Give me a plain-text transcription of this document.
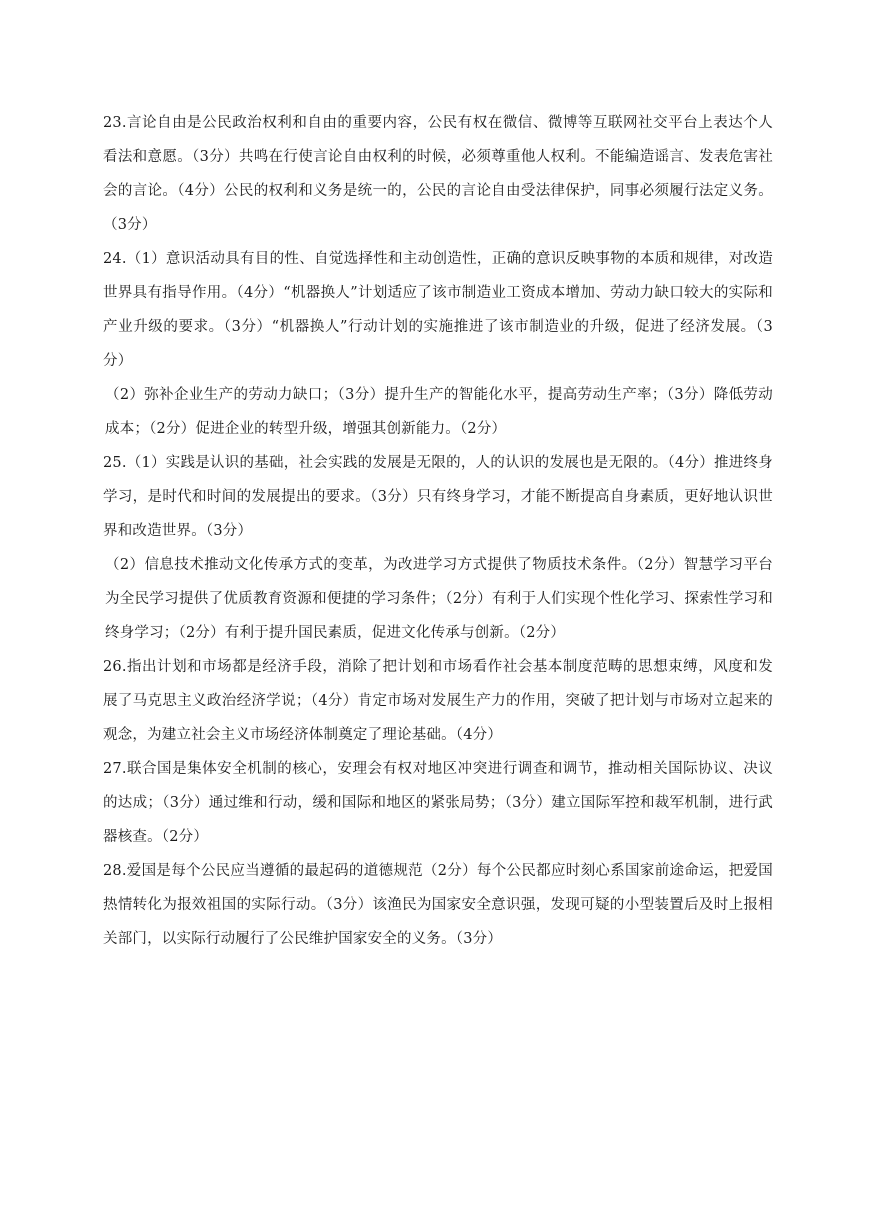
23.言论自由是公民政治权利和自由的重要内容，公民有权在微信、微博等互联网社交平台上表达个人看法和意愿。（3分）共鸣在行使言论自由权利的时候，必须尊重他人权利。不能编造谣言、发表危害社会的言论。（4分）公民的权利和义务是统一的，公民的言论自由受法律保护，同事必须履行法定义务。（3分）

24.（1）意识活动具有目的性、自觉选择性和主动创造性，正确的意识反映事物的本质和规律，对改造世界具有指导作用。（4分）“机器换人”计划适应了该市制造业工资成本增加、劳动力缺口较大的实际和产业升级的要求。（3分）“机器换人”行动计划的实施推进了该市制造业的升级，促进了经济发展。（3分）

（2）弥补企业生产的劳动力缺口；（3分）提升生产的智能化水平，提高劳动生产率；（3分）降低劳动成本；（2分）促进企业的转型升级，增强其创新能力。（2分）

25.（1）实践是认识的基础，社会实践的发展是无限的，人的认识的发展也是无限的。（4分）推进终身学习，是时代和时间的发展提出的要求。（3分）只有终身学习，才能不断提高自身素质，更好地认识世界和改造世界。（3分）

（2）信息技术推动文化传承方式的变革，为改进学习方式提供了物质技术条件。（2分）智慧学习平台为全民学习提供了优质教育资源和便捷的学习条件；（2分）有利于人们实现个性化学习、探索性学习和终身学习；（2分）有利于提升国民素质，促进文化传承与创新。（2分）

26.指出计划和市场都是经济手段，消除了把计划和市场看作社会基本制度范畴的思想束缚，风度和发展了马克思主义政治经济学说；（4分）肯定市场对发展生产力的作用，突破了把计划与市场对立起来的观念，为建立社会主义市场经济体制奠定了理论基础。（4分）

27.联合国是集体安全机制的核心，安理会有权对地区冲突进行调查和调节，推动相关国际协议、决议的达成；（3分）通过维和行动，缓和国际和地区的紧张局势；（3分）建立国际军控和裁军机制，进行武器核查。（2分）

28.爱国是每个公民应当遵循的最起码的道德规范（2分）每个公民都应时刻心系国家前途命运，把爱国热情转化为报效祖国的实际行动。（3分）该渔民为国家安全意识强，发现可疑的小型装置后及时上报相关部门，以实际行动履行了公民维护国家安全的义务。（3分）
